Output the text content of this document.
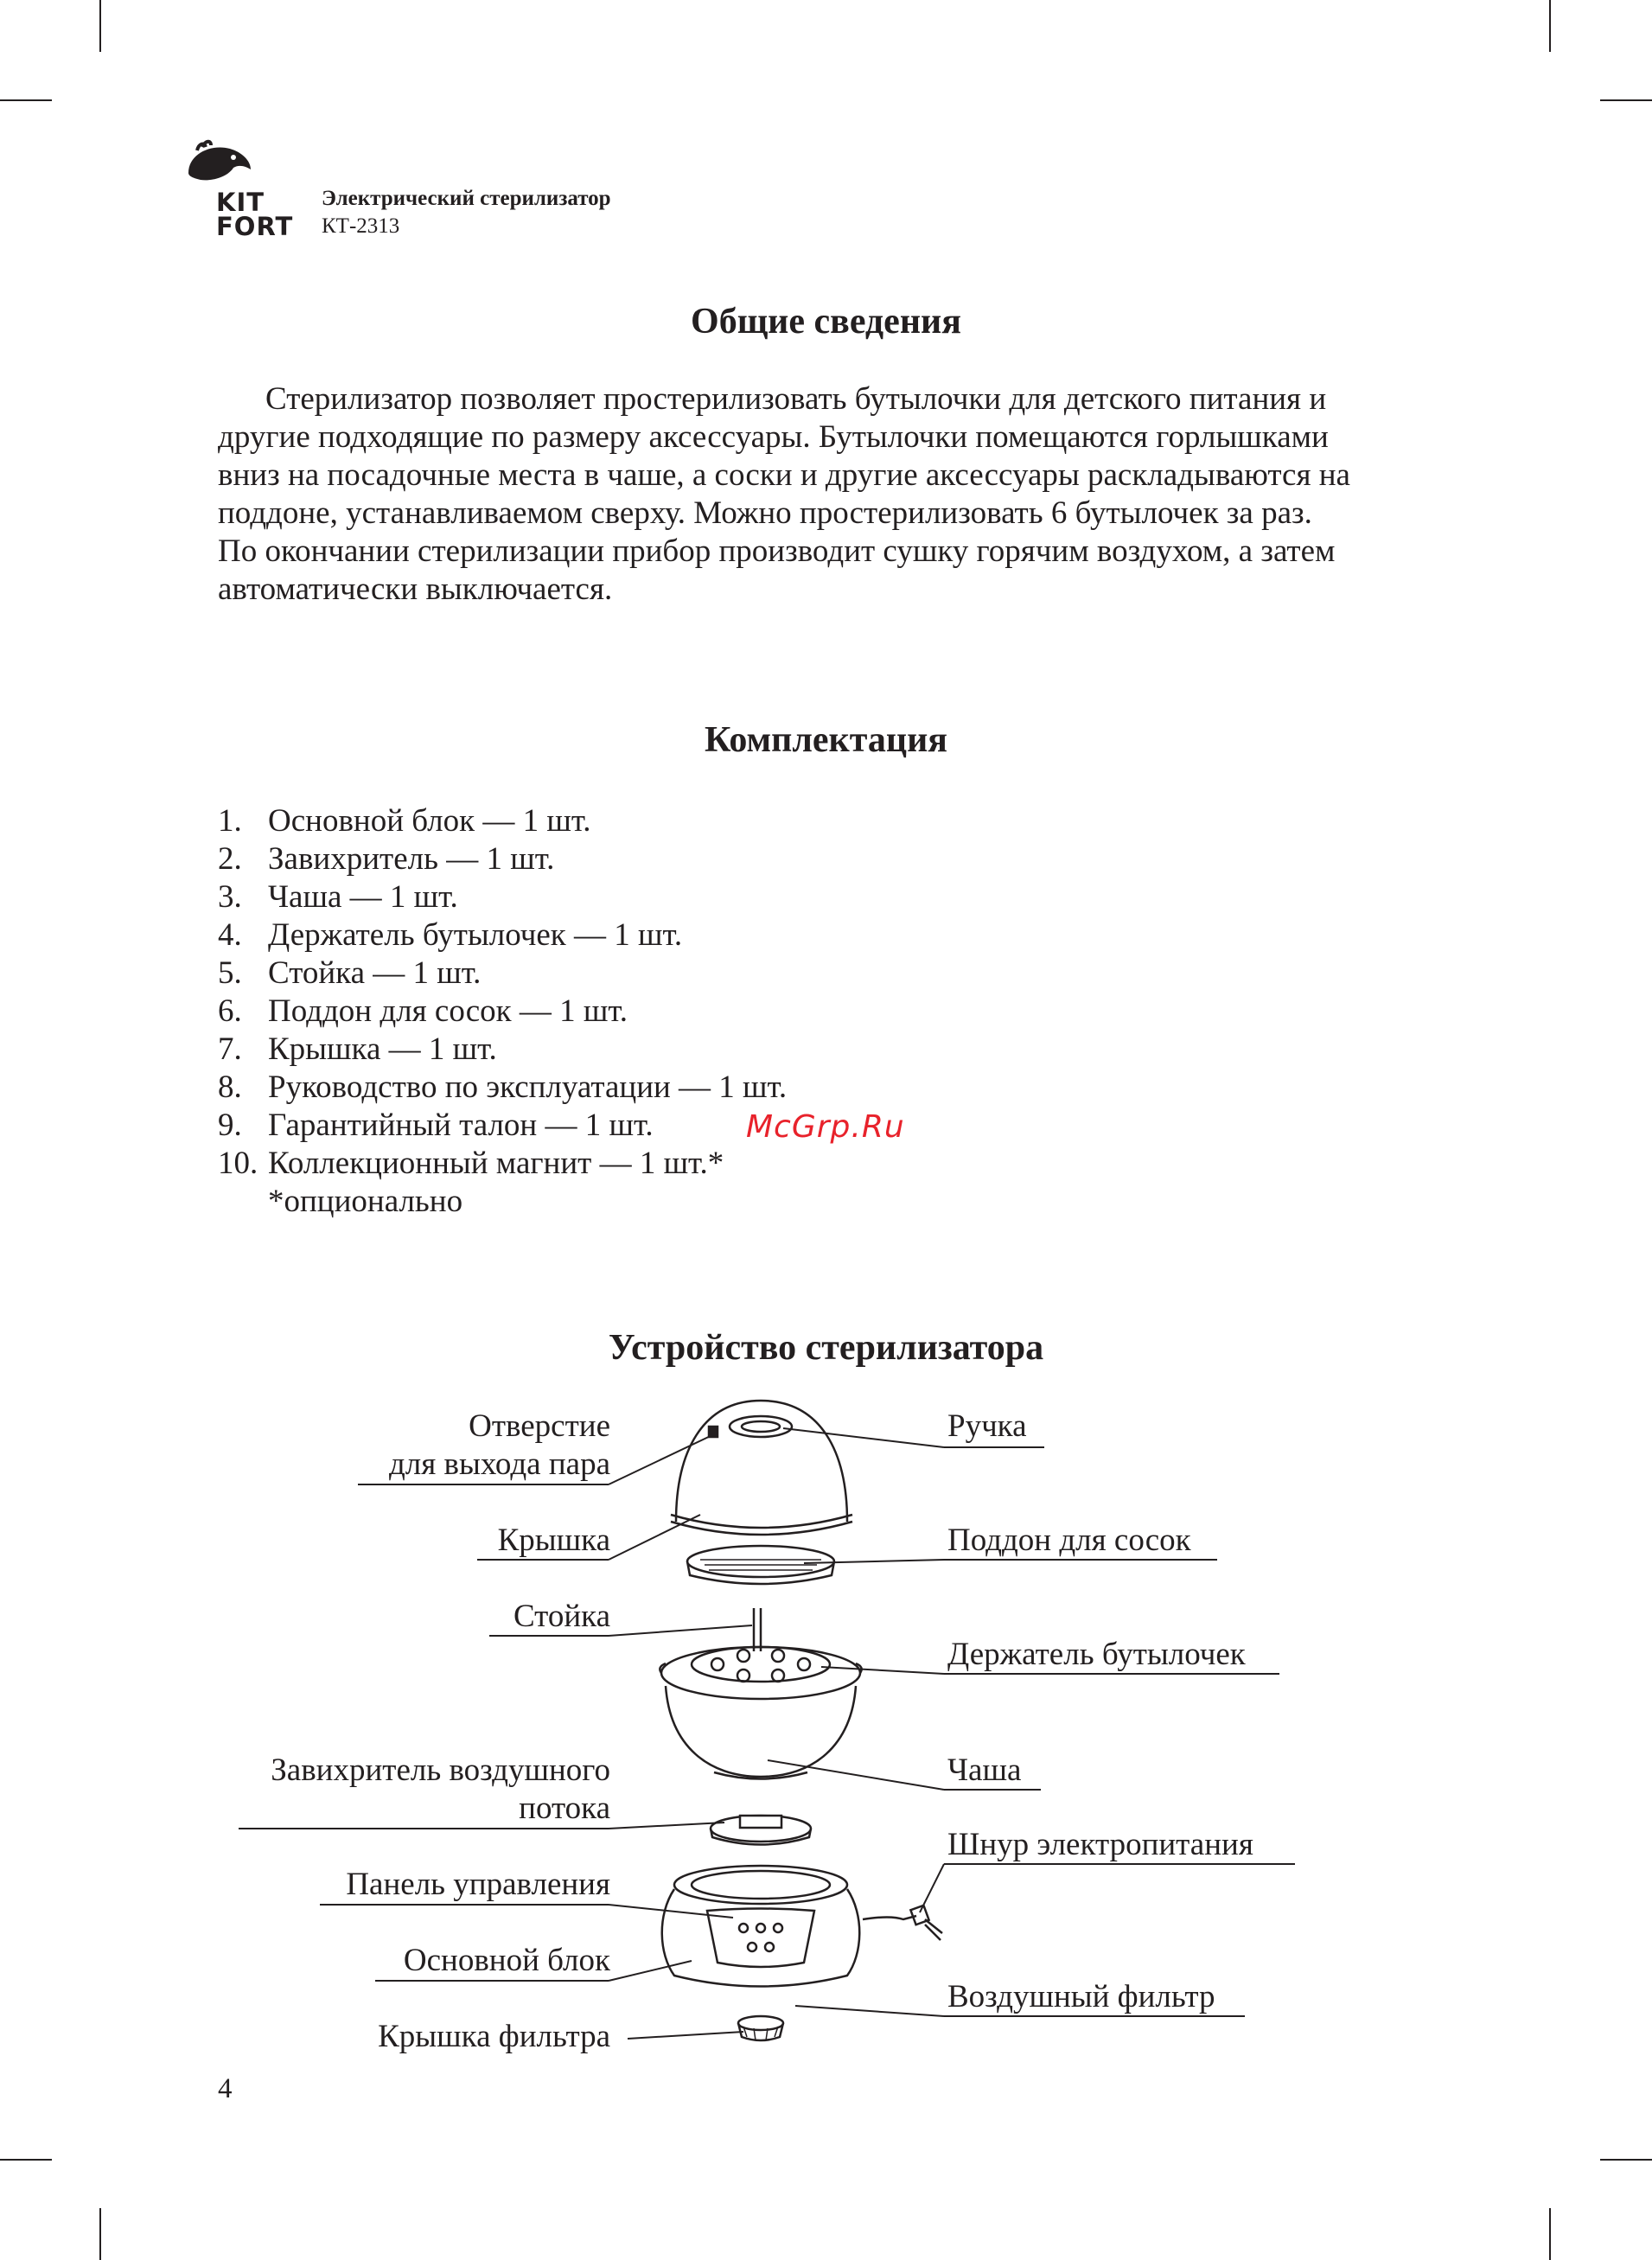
KIT
FORT
Электрический стерилизатор
КТ-2313
Общие сведения
Стерилизатор позволяет простерилизовать бутылочки для детского питания и
другие подходящие по размеру аксессуары. Бутылочки помещаются горлышками
вниз на посадочные места в чаше, а соски и другие аксессуары раскладываются на
поддоне, устанавливаемом сверху. Можно простерилизовать 6 бутылочек за раз.
По окончании стерилизации прибор производит сушку горячим воздухом, а затем
автоматически выключается.
Комплектация
1. Основной блок — 1 шт.
2. Завихритель — 1 шт.
3. Чаша — 1 шт.
4. Держатель бутылочек — 1 шт.
5. Стойка — 1 шт.
6. Поддон для сосок — 1 шт.
7. Крышка — 1 шт.
8. Руководство по эксплуатации — 1 шт.
9. Гарантийный талон — 1 шт.
10. Коллекционный магнит — 1 шт.*
*опционально
McGrp.Ru
Устройство стерилизатора
Отверстие
для выхода пара
Крышка
Стойка
Завихритель воздушного
потока
Панель управления
Основной блок
Крышка фильтра
Ручка
Поддон для сосок
Держатель бутылочек
Чаша
Шнур электропитания
Воздушный фильтр
4
